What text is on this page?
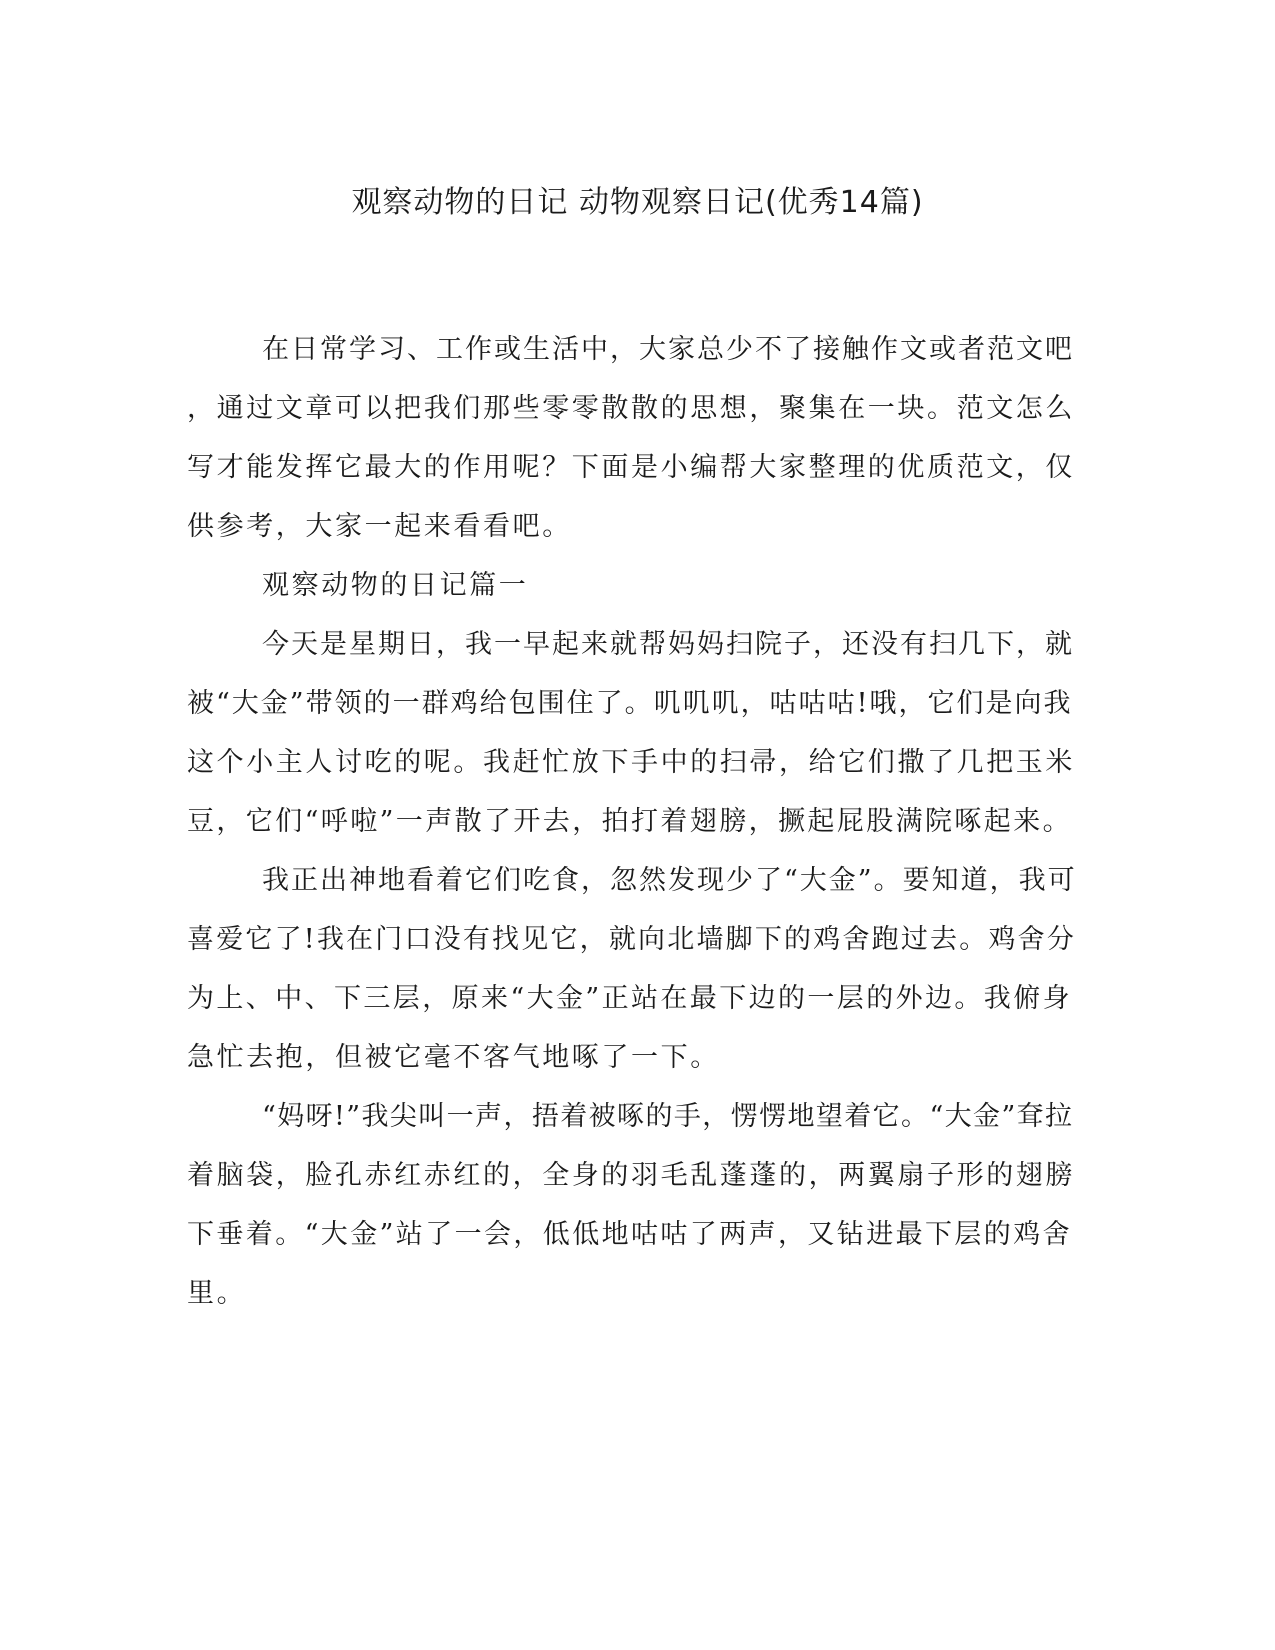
观察动物的日记 动物观察日记(优秀14篇)
在日常学习、工作或生活中，大家总少不了接触作文或者范文吧
，通过文章可以把我们那些零零散散的思想，聚集在一块。范文怎么
写才能发挥它最大的作用呢？下面是小编帮大家整理的优质范文，仅
供参考，大家一起来看看吧。
观察动物的日记篇一
今天是星期日，我一早起来就帮妈妈扫院子，还没有扫几下，就
被“大金”带领的一群鸡给包围住了。叽叽叽，咕咕咕!哦，它们是向我
这个小主人讨吃的呢。我赶忙放下手中的扫帚，给它们撒了几把玉米
豆，它们“呼啦”一声散了开去，拍打着翅膀，撅起屁股满院啄起来。
我正出神地看着它们吃食，忽然发现少了“大金”。要知道，我可
喜爱它了!我在门口没有找见它，就向北墙脚下的鸡舍跑过去。鸡舍分
为上、中、下三层，原来“大金”正站在最下边的一层的外边。我俯身
急忙去抱，但被它毫不客气地啄了一下。
“妈呀!”我尖叫一声，捂着被啄的手，愣愣地望着它。“大金”耷拉
着脑袋，脸孔赤红赤红的，全身的羽毛乱蓬蓬的，两翼扇子形的翅膀
下垂着。“大金”站了一会，低低地咕咕了两声，又钻进最下层的鸡舍
里。
